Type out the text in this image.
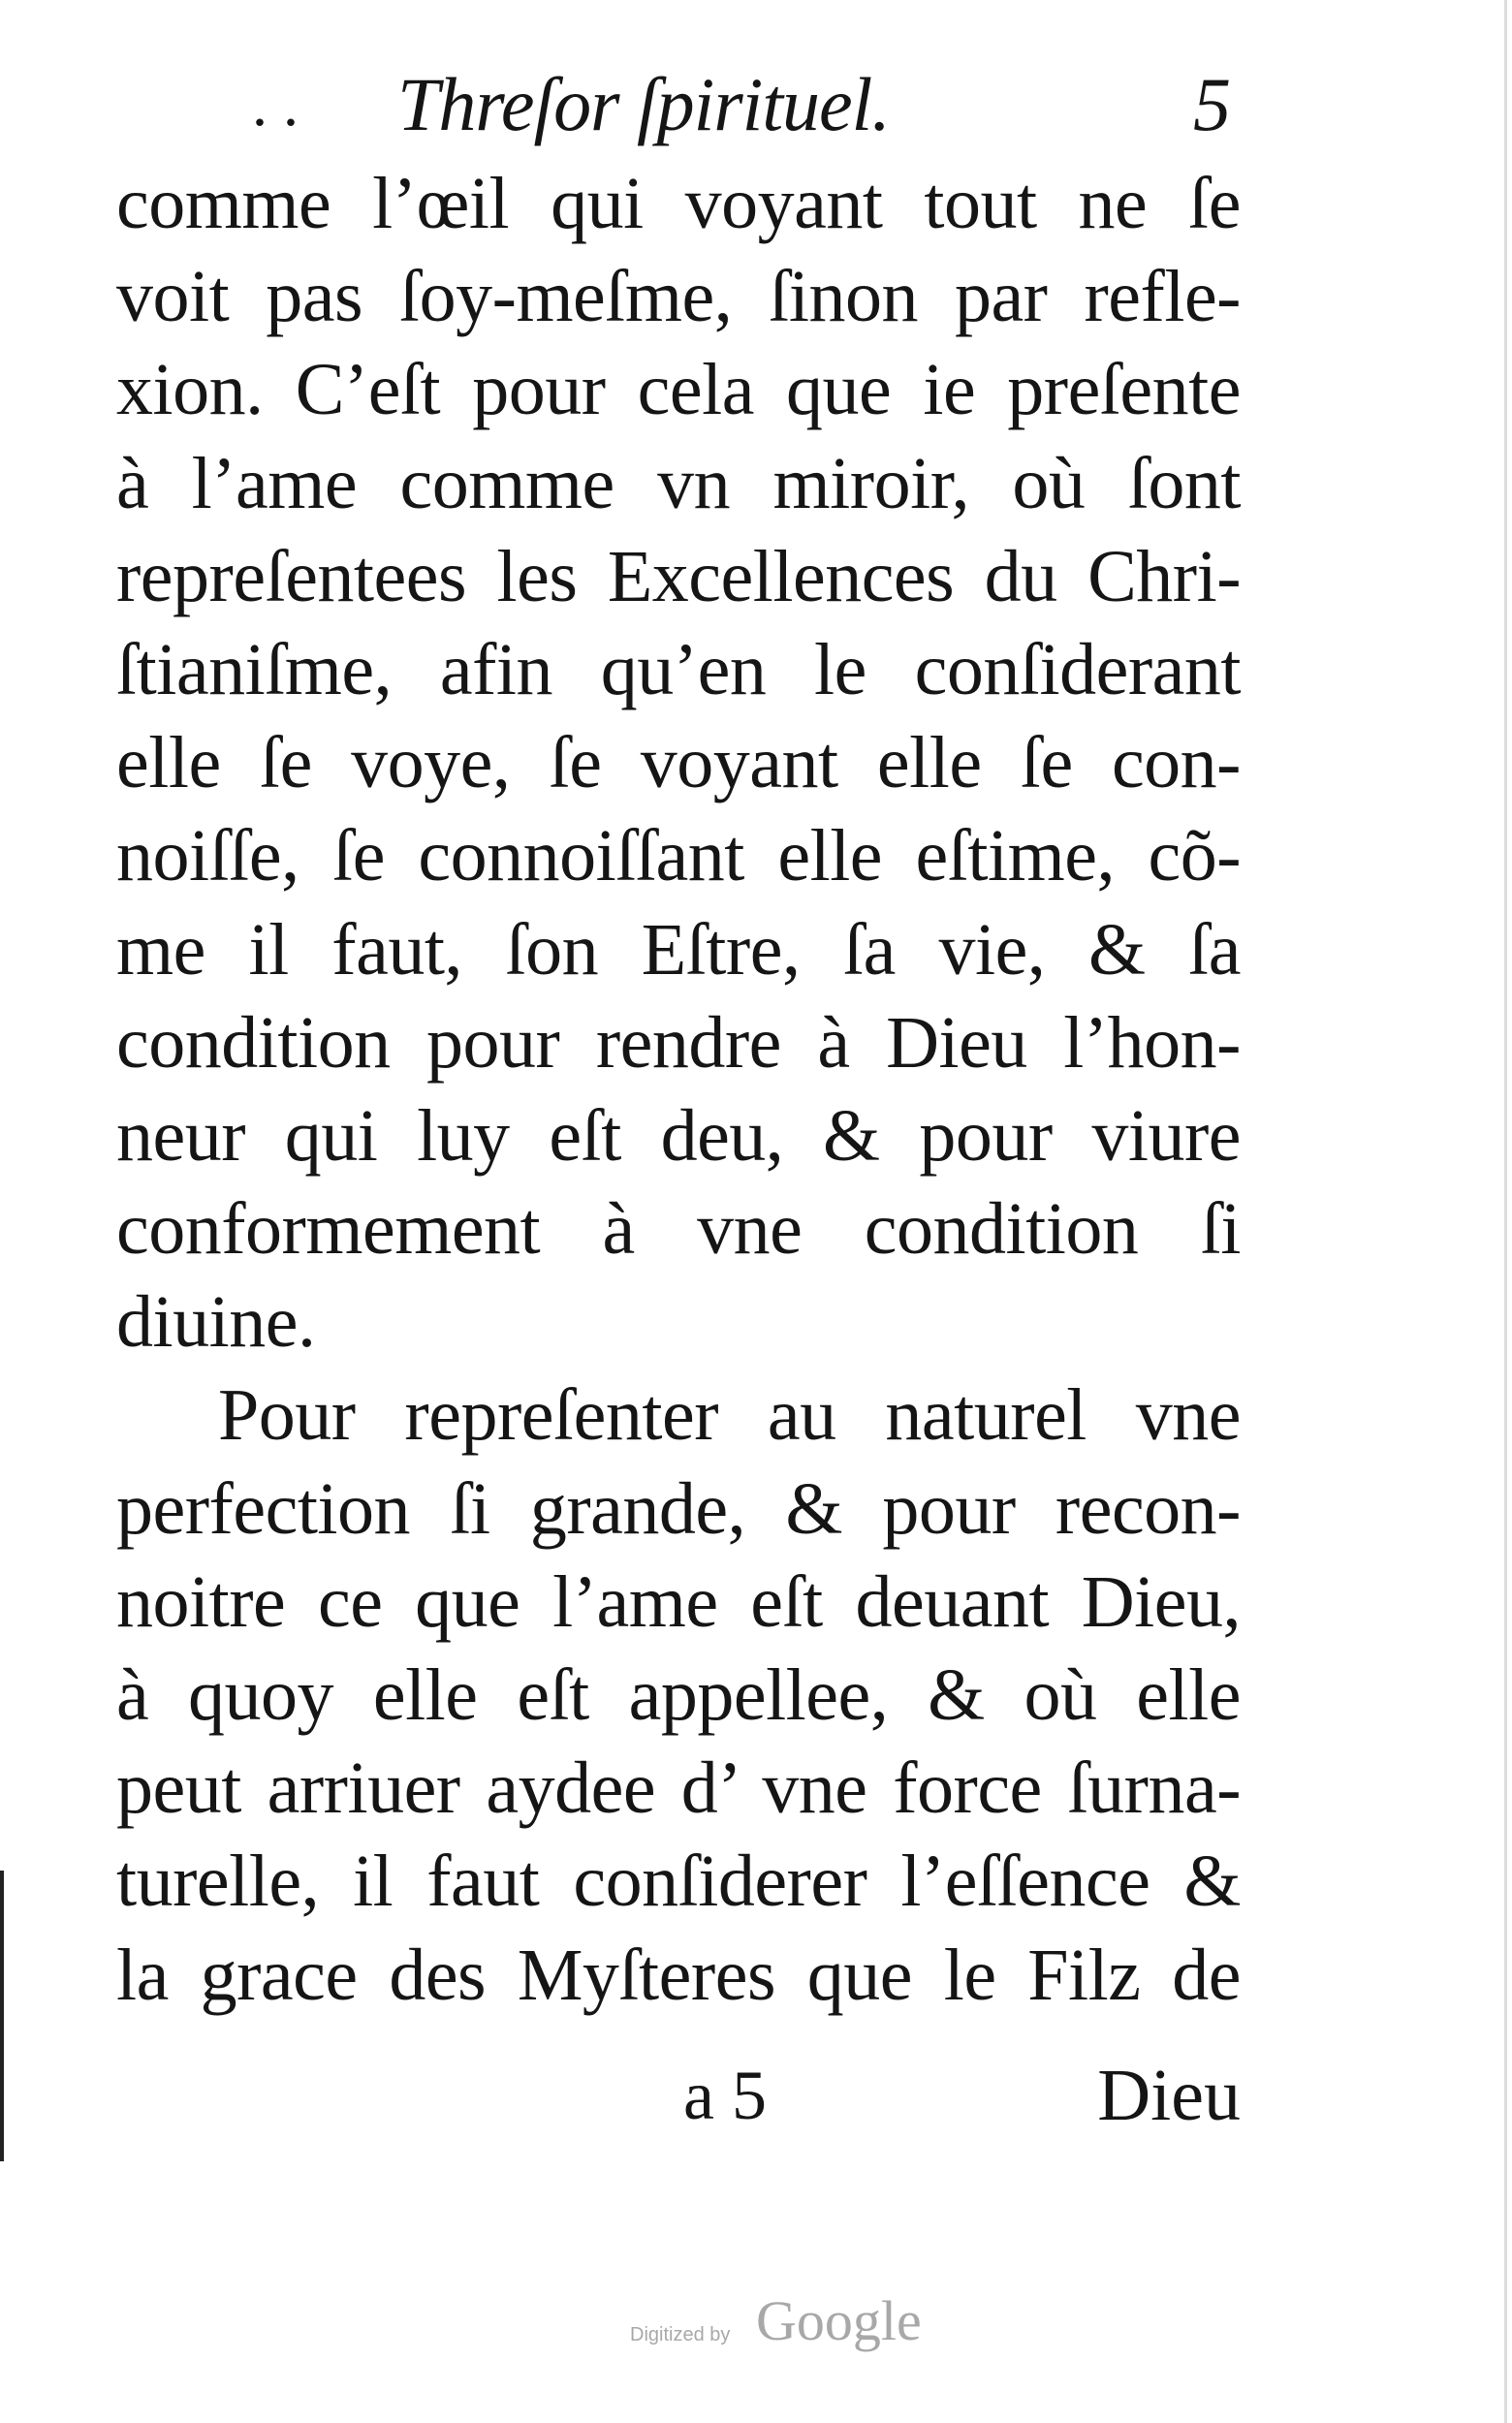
. . Threſor ſpirituel.	5
comme l’œil qui voyant tout ne ſe
voit pas ſoy-meſme, ſinon par refle-
xion. C’eſt pour cela que ie preſente
à l’ame comme vn miroir, où ſont
repreſentees les Excellences du Chri-
ſtianiſme, afin qu’en le conſiderant
elle ſe voye, ſe voyant elle ſe con-
noiſſe, ſe connoiſſant elle eſtime, cõ-
me il faut, ſon Eſtre, ſa vie, & ſa
condition pour rendre à Dieu l’hon-
neur qui luy eſt deu, & pour viure
conformement à vne condition ſi
diuine.
Pour repreſenter au naturel vne
perfection ſi grande, & pour recon-
noitre ce que l’ame eſt deuant Dieu,
à quoy elle eſt appellee, & où elle
peut arriuer aydee d’ vne force ſurna-
turelle, il faut conſiderer l’eſſence &
la grace des Myſteres que le Filz de
a 5	Dieu
Digitized by Google
